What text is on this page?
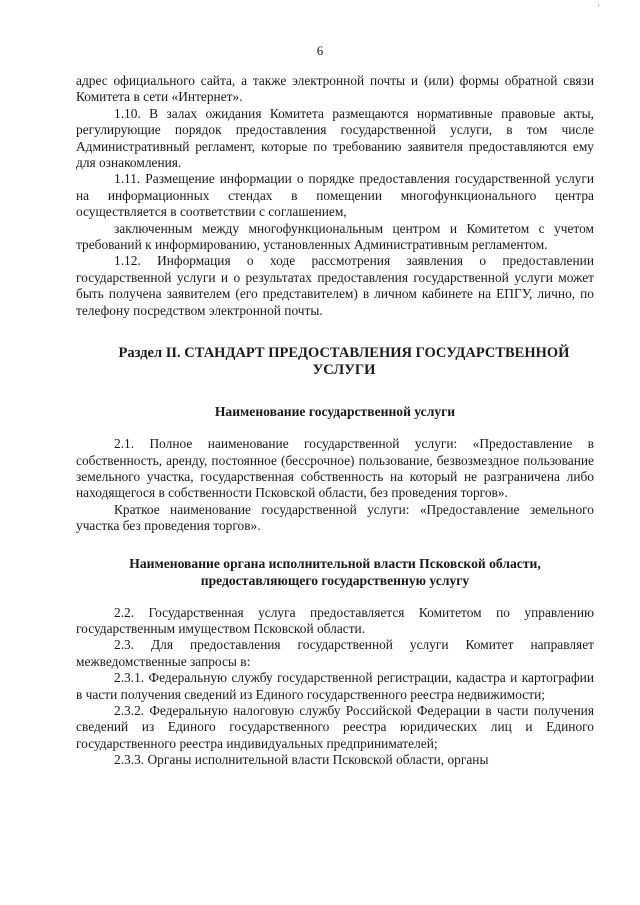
'
6

адрес официального сайта, а также электронной почты и (или) формы обратной связи Комитета в сети «Интернет».

1.10. В залах ожидания Комитета размещаются нормативные правовые акты, регулирующие порядок предоставления государственной услуги, в том числе Административный регламент, которые по требованию заявителя предоставляются ему для ознакомления.

1.11. Размещение информации о порядке предоставления государственной услуги на информационных стендах в помещении многофункционального центра осуществляется в соответствии с соглашением,

заключенным между многофункциональным центром и Комитетом с учетом требований к информированию, установленных Административным регламентом.

1.12. Информация о ходе рассмотрения заявления о предоставлении государственной услуги и о результатах предоставления государственной услуги может быть получена заявителем (его представителем) в личном кабинете на ЕПГУ, лично, по телефону посредством электронной почты.

Раздел II. СТАНДАРТ ПРЕДОСТАВЛЕНИЯ ГОСУДАРСТВЕННОЙ УСЛУГИ
Наименование государственной услуги

2.1. Полное наименование государственной услуги: «Предоставление в собственность, аренду, постоянное (бессрочное) пользование, безвозмездное пользование земельного участка, государственная собственность на который не разграничена либо находящегося в собственности Псковской области, без проведения торгов».

Краткое наименование государственной услуги: «Предоставление земельного участка без проведения торгов».

Наименование органа исполнительной власти Псковской области, предоставляющего государственную услугу

2.2. Государственная услуга предоставляется Комитетом по управлению государственным имуществом Псковской области.

2.3. Для предоставления государственной услуги Комитет направляет межведомственные запросы в:

2.3.1. Федеральную службу государственной регистрации, кадастра и картографии в части получения сведений из Единого государственного реестра недвижимости;

2.3.2. Федеральную налоговую службу Российской Федерации в части получения сведений из Единого государственного реестра юридических лиц и Единого государственного реестра индивидуальных предпринимателей;

2.3.3. Органы исполнительной власти Псковской области, органы
